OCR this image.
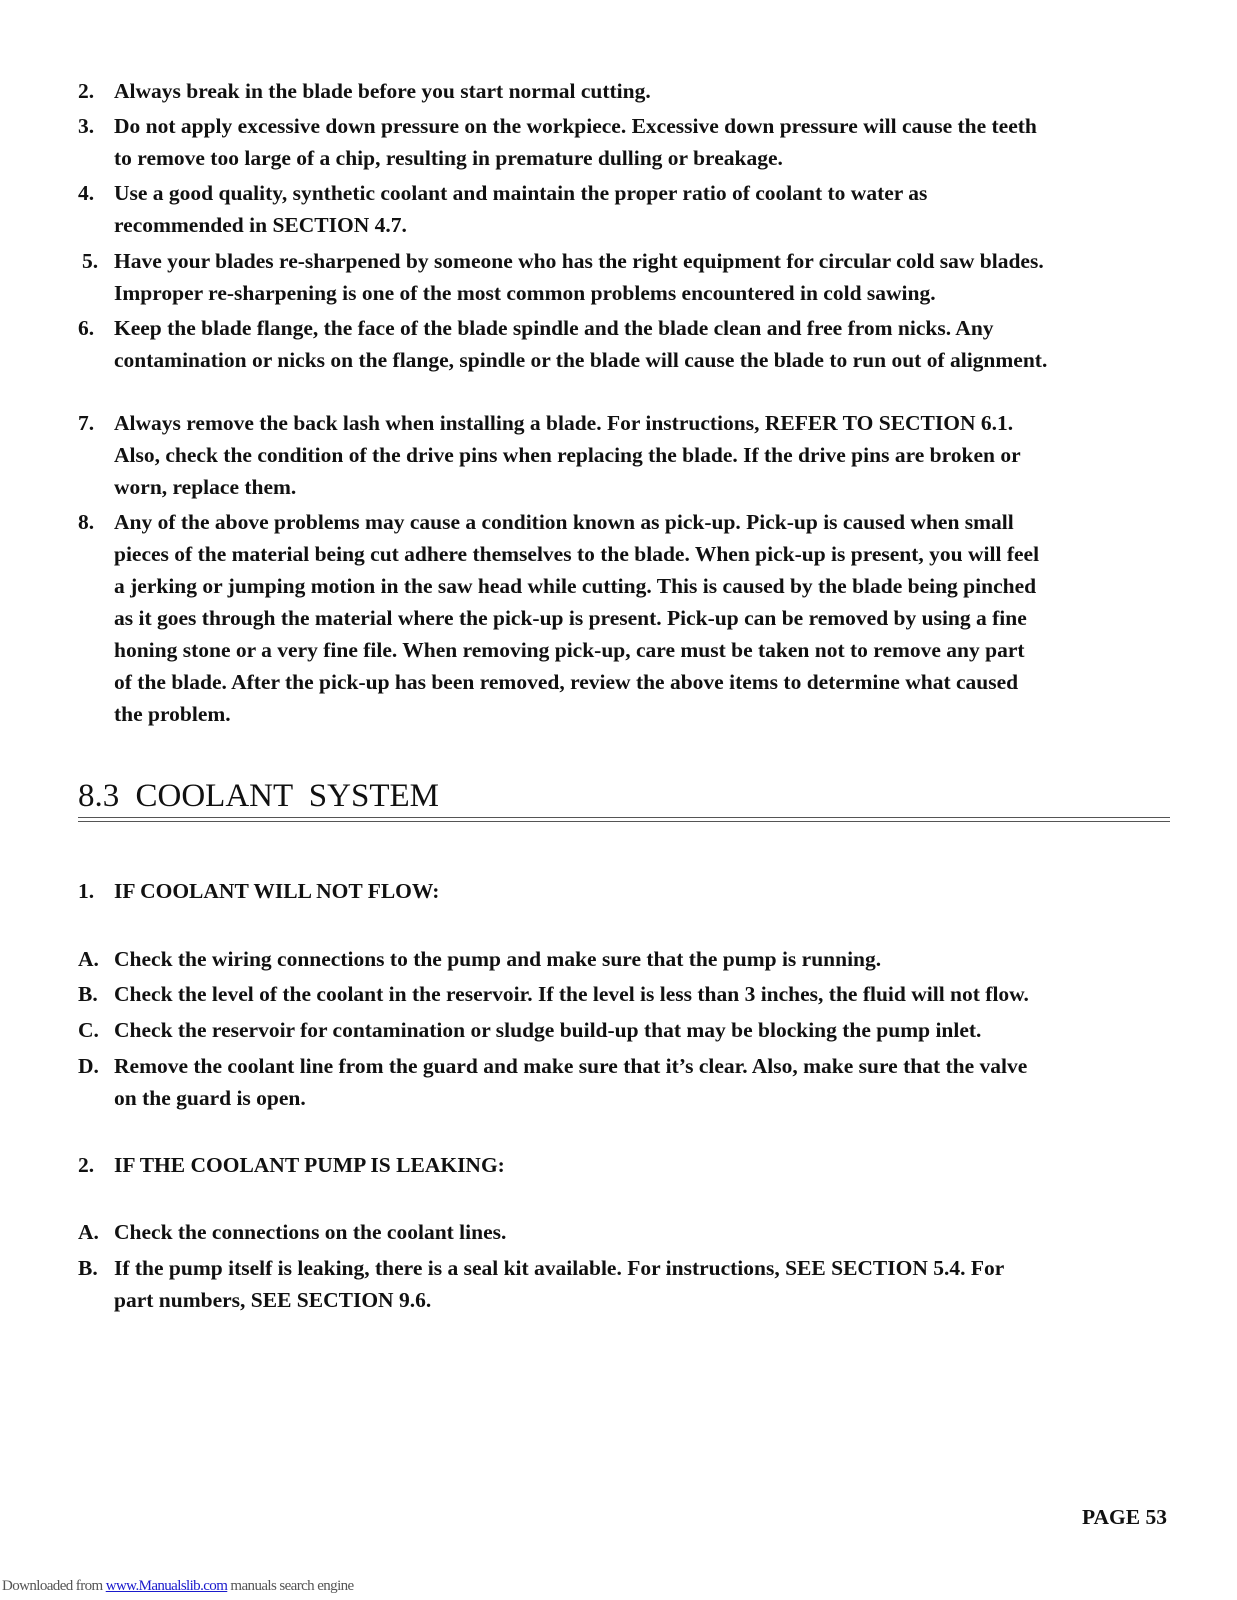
2. Always break in the blade before you start normal cutting.
3. Do not apply excessive down pressure on the workpiece. Excessive down pressure will cause the teeth
to remove too large of a chip, resulting in premature dulling or breakage.
4. Use a good quality, synthetic coolant and maintain the proper ratio of coolant to water as
recommended in SECTION 4.7.
5. Have your blades re-sharpened by someone who has the right equipment for circular cold saw blades.
Improper re-sharpening is one of the most common problems encountered in cold sawing.
6. Keep the blade flange, the face of the blade spindle and the blade clean and free from nicks. Any
contamination or nicks on the flange, spindle or the blade will cause the blade to run out of alignment.
7. Always remove the back lash when installing a blade. For instructions, REFER TO SECTION 6.1.
Also, check the condition of the drive pins when replacing the blade. If the drive pins are broken or
worn, replace them.
8. Any of the above problems may cause a condition known as pick-up. Pick-up is caused when small
pieces of the material being cut adhere themselves to the blade. When pick-up is present, you will feel
a jerking or jumping motion in the saw head while cutting. This is caused by the blade being pinched
as it goes through the material where the pick-up is present. Pick-up can be removed by using a fine
honing stone or a very fine file. When removing pick-up, care must be taken not to remove any part
of the blade. After the pick-up has been removed, review the above items to determine what caused
the problem.
8.3 COOLANT SYSTEM
1. IF COOLANT WILL NOT FLOW:
A. Check the wiring connections to the pump and make sure that the pump is running.
B. Check the level of the coolant in the reservoir. If the level is less than 3 inches, the fluid will not flow.
C. Check the reservoir for contamination or sludge build-up that may be blocking the pump inlet.
D. Remove the coolant line from the guard and make sure that it’s clear. Also, make sure that the valve
on the guard is open.
2. IF THE COOLANT PUMP IS LEAKING:
A. Check the connections on the coolant lines.
B. If the pump itself is leaking, there is a seal kit available. For instructions, SEE SECTION 5.4. For
part numbers, SEE SECTION 9.6.
PAGE 53
Downloaded from www.Manualslib.com manuals search engine
